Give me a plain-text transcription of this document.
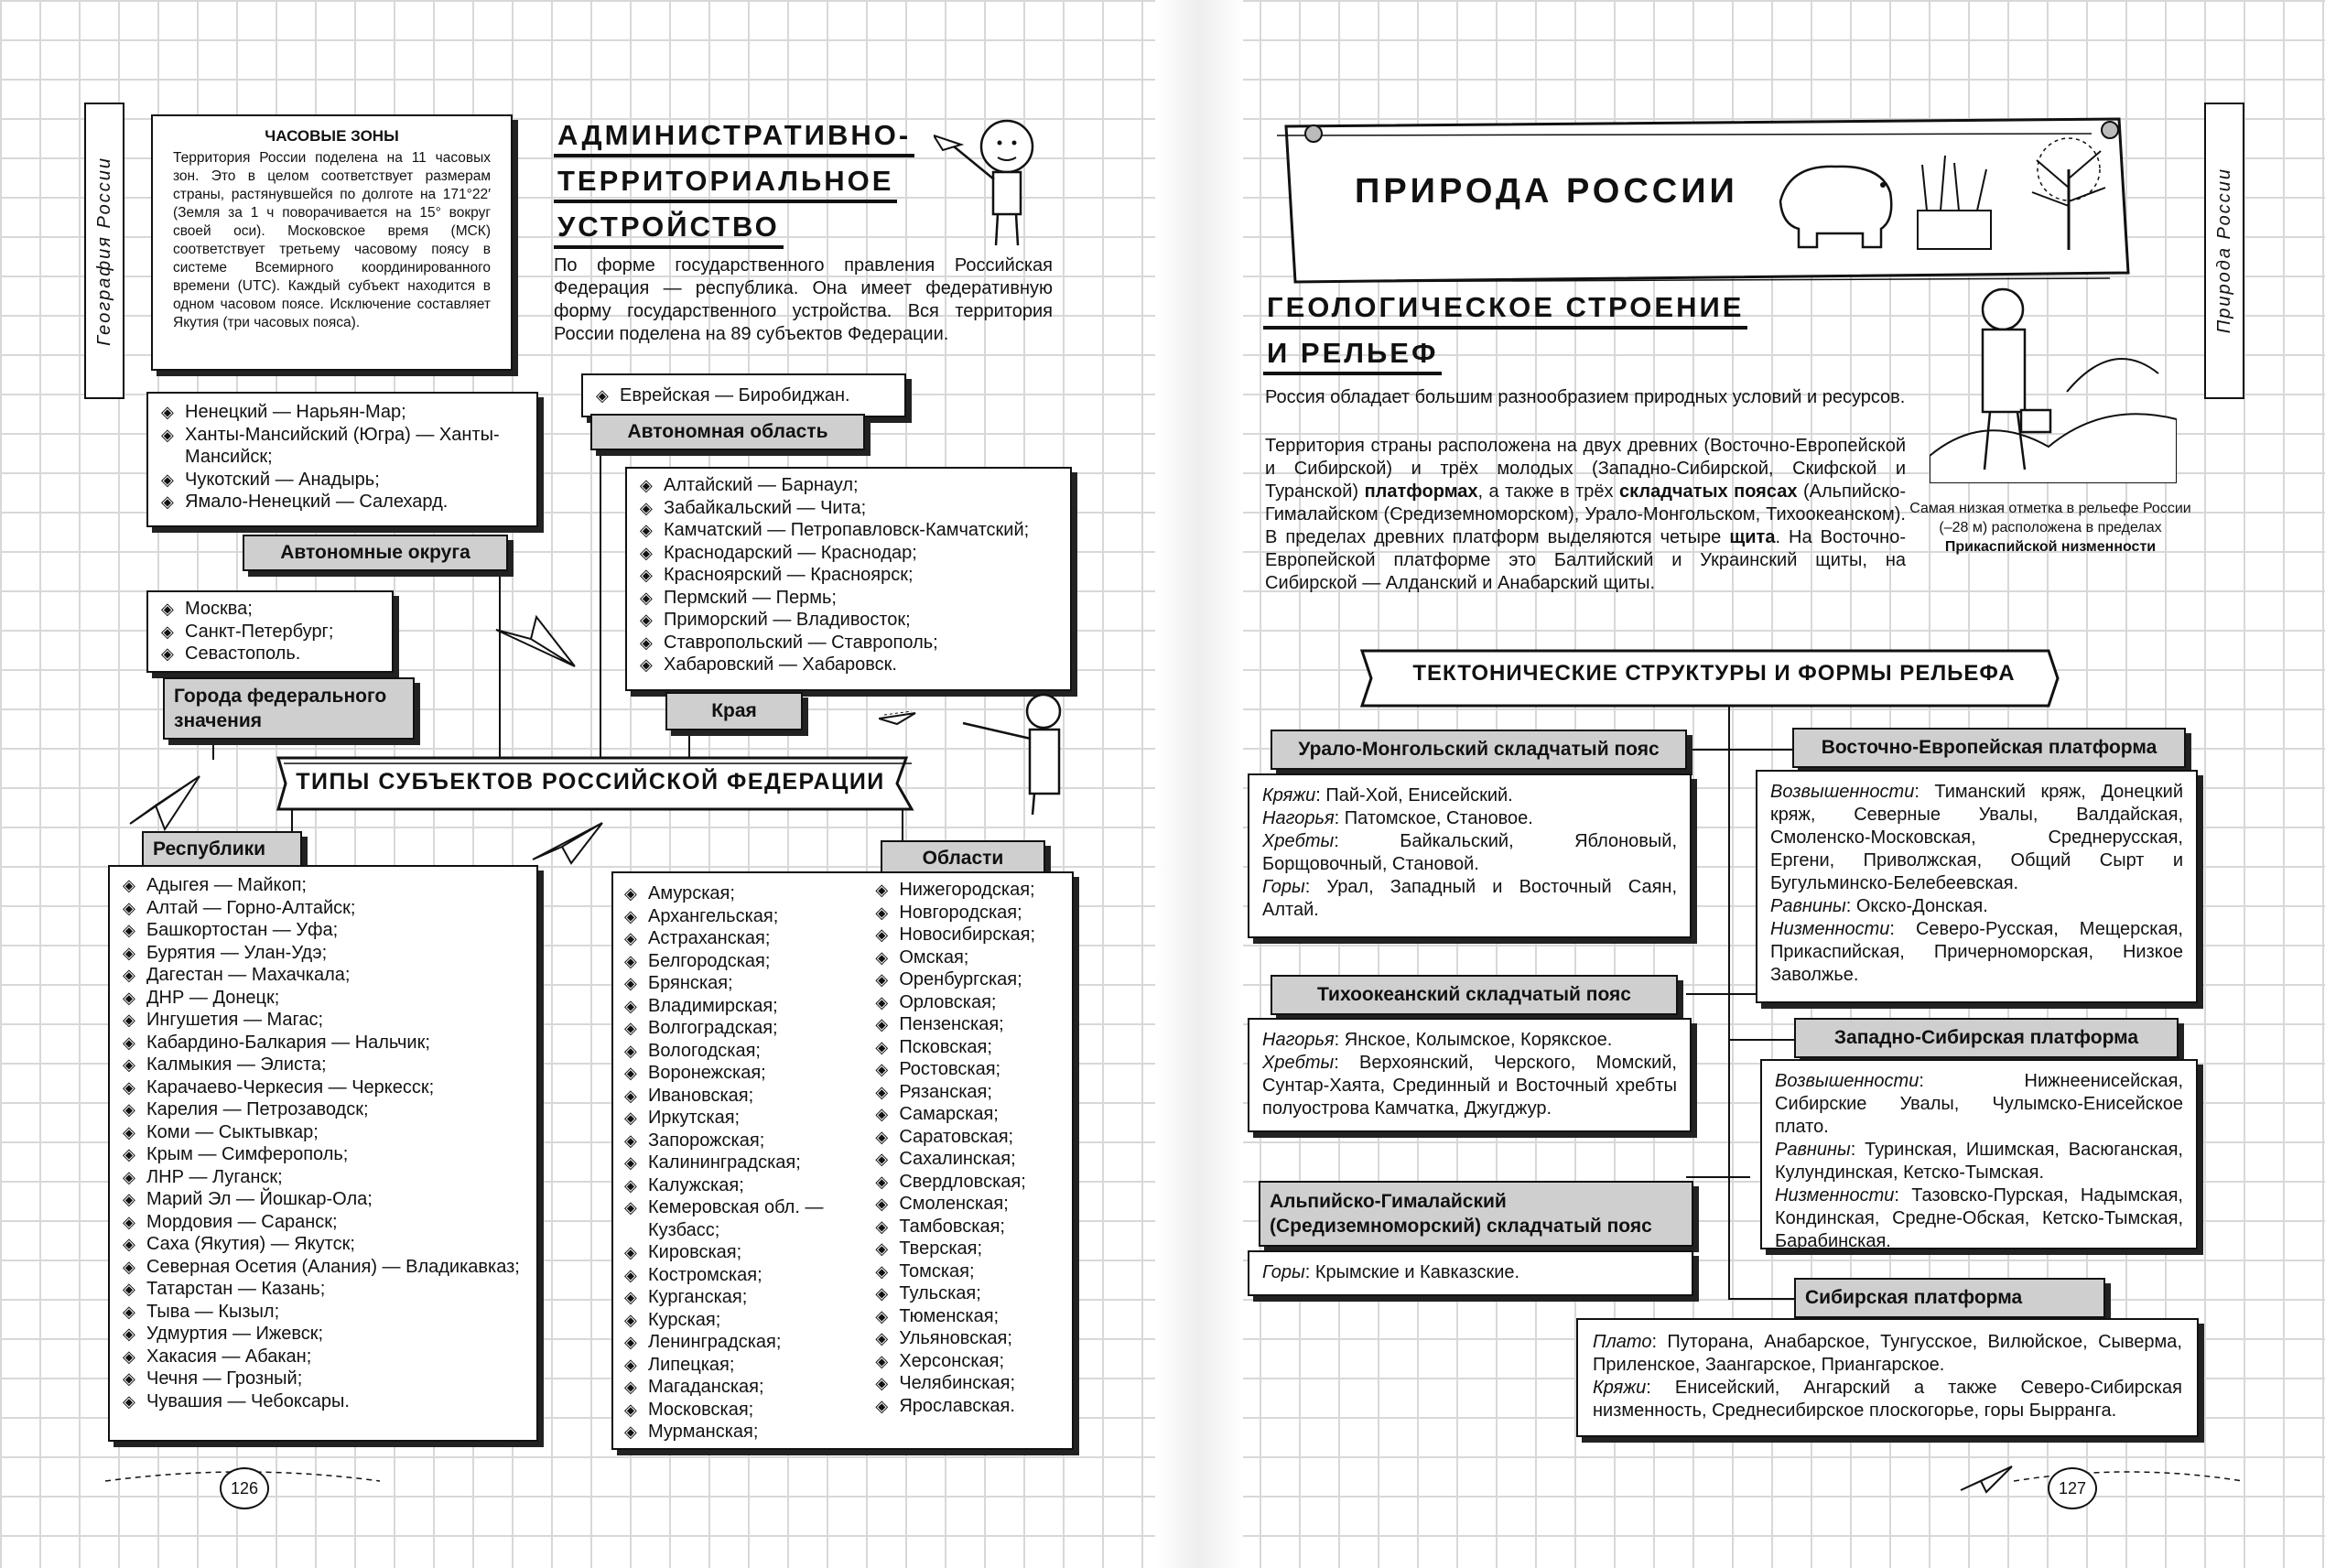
География России
ЧАСОВЫЕ ЗОНЫ
Территория России поделена на 11 часовых зон. Это в целом соответствует размерам страны, растянувшейся по долготе на 171°22′ (Земля за 1 ч поворачивается на 15° вокруг своей оси). Московское время (МСК) соответствует третьему часовому поясу в системе Всемирного координированного времени (UTC). Каждый субъект находится в одном часовом поясе. Исключение составляет Якутия (три часовых пояса).
АДМИНИСТРАТИВНО-
ТЕРРИТОРИАЛЬНОЕ
УСТРОЙСТВО
По форме государственного правления Российская Федерация — республика. Она имеет федеративную форму государственного устройства. Вся территория России поделена на 89 субъектов Федерации.
◈ Ненецкий — Нарьян-Мар;
◈ Ханты-Мансийский (Югра) — Ханты-Мансийск;
◈ Чукотский — Анадырь;
◈ Ямало-Ненецкий — Салехард.
Автономные округа
◈ Еврейская — Биробиджан.
Автономная область
◈ Москва;
◈ Санкт-Петербург;
◈ Севастополь.
Города федерального значения
◈ Алтайский — Барнаул;
◈ Забайкальский — Чита;
◈ Камчатский — Петропавловск-Камчатский;
◈ Краснодарский — Краснодар;
◈ Красноярский — Красноярск;
◈ Пермский — Пермь;
◈ Приморский — Владивосток;
◈ Ставропольский — Ставрополь;
◈ Хабаровский — Хабаровск.
Края
ТИПЫ СУБЪЕКТОВ РОССИЙСКОЙ ФЕДЕРАЦИИ
Республики
◈ Адыгея — Майкоп;
◈ Алтай — Горно-Алтайск;
◈ Башкортостан — Уфа;
◈ Бурятия — Улан-Удэ;
◈ Дагестан — Махачкала;
◈ ДНР — Донецк;
◈ Ингушетия — Магас;
◈ Кабардино-Балкария — Нальчик;
◈ Калмыкия — Элиста;
◈ Карачаево-Черкесия — Черкесск;
◈ Карелия — Петрозаводск;
◈ Коми — Сыктывкар;
◈ Крым — Симферополь;
◈ ЛНР — Луганск;
◈ Марий Эл — Йошкар-Ола;
◈ Мордовия — Саранск;
◈ Саха (Якутия) — Якутск;
◈ Северная Осетия (Алания) — Владикавказ;
◈ Татарстан — Казань;
◈ Тыва — Кызыл;
◈ Удмуртия — Ижевск;
◈ Хакасия — Абакан;
◈ Чечня — Грозный;
◈ Чувашия — Чебоксары.
Области
◈ Амурская;
◈ Архангельская;
◈ Астраханская;
◈ Белгородская;
◈ Брянская;
◈ Владимирская;
◈ Волгоградская;
◈ Вологодская;
◈ Воронежская;
◈ Ивановская;
◈ Иркутская;
◈ Запорожская;
◈ Калининградская;
◈ Калужская;
◈ Кемеровская обл. — Кузбасс;
◈ Кировская;
◈ Костромская;
◈ Курганская;
◈ Курская;
◈ Ленинградская;
◈ Липецкая;
◈ Магаданская;
◈ Московская;
◈ Мурманская;
◈ Нижегородская;
◈ Новгородская;
◈ Новосибирская;
◈ Омская;
◈ Оренбургская;
◈ Орловская;
◈ Пензенская;
◈ Псковская;
◈ Ростовская;
◈ Рязанская;
◈ Самарская;
◈ Саратовская;
◈ Сахалинская;
◈ Свердловская;
◈ Смоленская;
◈ Тамбовская;
◈ Тверская;
◈ Томская;
◈ Тульская;
◈ Тюменская;
◈ Ульяновская;
◈ Херсонская;
◈ Челябинская;
◈ Ярославская.
126
Природа России
ПРИРОДА РОССИИ
ГЕОЛОГИЧЕСКОЕ СТРОЕНИЕ
И РЕЛЬЕФ
Россия обладает большим разнообразием природных условий и ресурсов.
Территория страны расположена на двух древних (Восточно-Европейской и Сибирской) и трёх молодых (Западно-Сибирской, Скифской и Туранской) платформах, а также в трёх складчатых поясах (Альпийско-Гималайском (Средиземноморском), Урало-Монгольском, Тихоокеанском). В пределах древних платформ выделяются четыре щита. На Восточно-Европейской платформе это Балтийский и Украинский щиты, на Сибирской — Алданский и Анабарский щиты.
Самая низкая отметка в рельефе России (–28 м) расположена в пределах Прикаспийской низменности
ТЕКТОНИЧЕСКИЕ СТРУКТУРЫ И ФОРМЫ РЕЛЬЕФА
Урало-Монгольский складчатый пояс
Кряжи: Пай-Хой, Енисейский.
Нагорья: Патомское, Становое.
Хребты: Байкальский, Яблоновый, Борщовочный, Становой.
Горы: Урал, Западный и Восточный Саян, Алтай.
Тихоокеанский складчатый пояс
Нагорья: Янское, Колымское, Корякское.
Хребты: Верхоянский, Черского, Момский, Сунтар-Хаята, Срединный и Восточный хребты полуострова Камчатка, Джугджур.
Альпийско-Гималайский (Средиземноморский) складчатый пояс
Горы: Крымские и Кавказские.
Восточно-Европейская платформа
Возвышенности: Тиманский кряж, Донецкий кряж, Северные Увалы, Валдайская, Смоленско-Московская, Среднерусская, Ергени, Приволжская, Общий Сырт и Бугульминско-Белебеевская.
Равнины: Окско-Донская.
Низменности: Северо-Русская, Мещерская, Прикаспийская, Причерноморская, Низкое Заволжье.
Западно-Сибирская платформа
Возвышенности: Нижнеенисейская, Сибирские Увалы, Чулымско-Енисейское плато.
Равнины: Туринская, Ишимская, Васюганская, Кулундинская, Кетско-Тымская.
Низменности: Тазовско-Пурская, Надымская, Кондинская, Средне-Обская, Кетско-Тымская, Барабинская.
Сибирская платформа
Плато: Путорана, Анабарское, Тунгусское, Вилюйское, Сыверма, Приленское, Заангарское, Приангарское.
Кряжи: Енисейский, Ангарский а также Северо-Сибирская низменность, Среднесибирское плоскогорье, горы Бырранга.
127
